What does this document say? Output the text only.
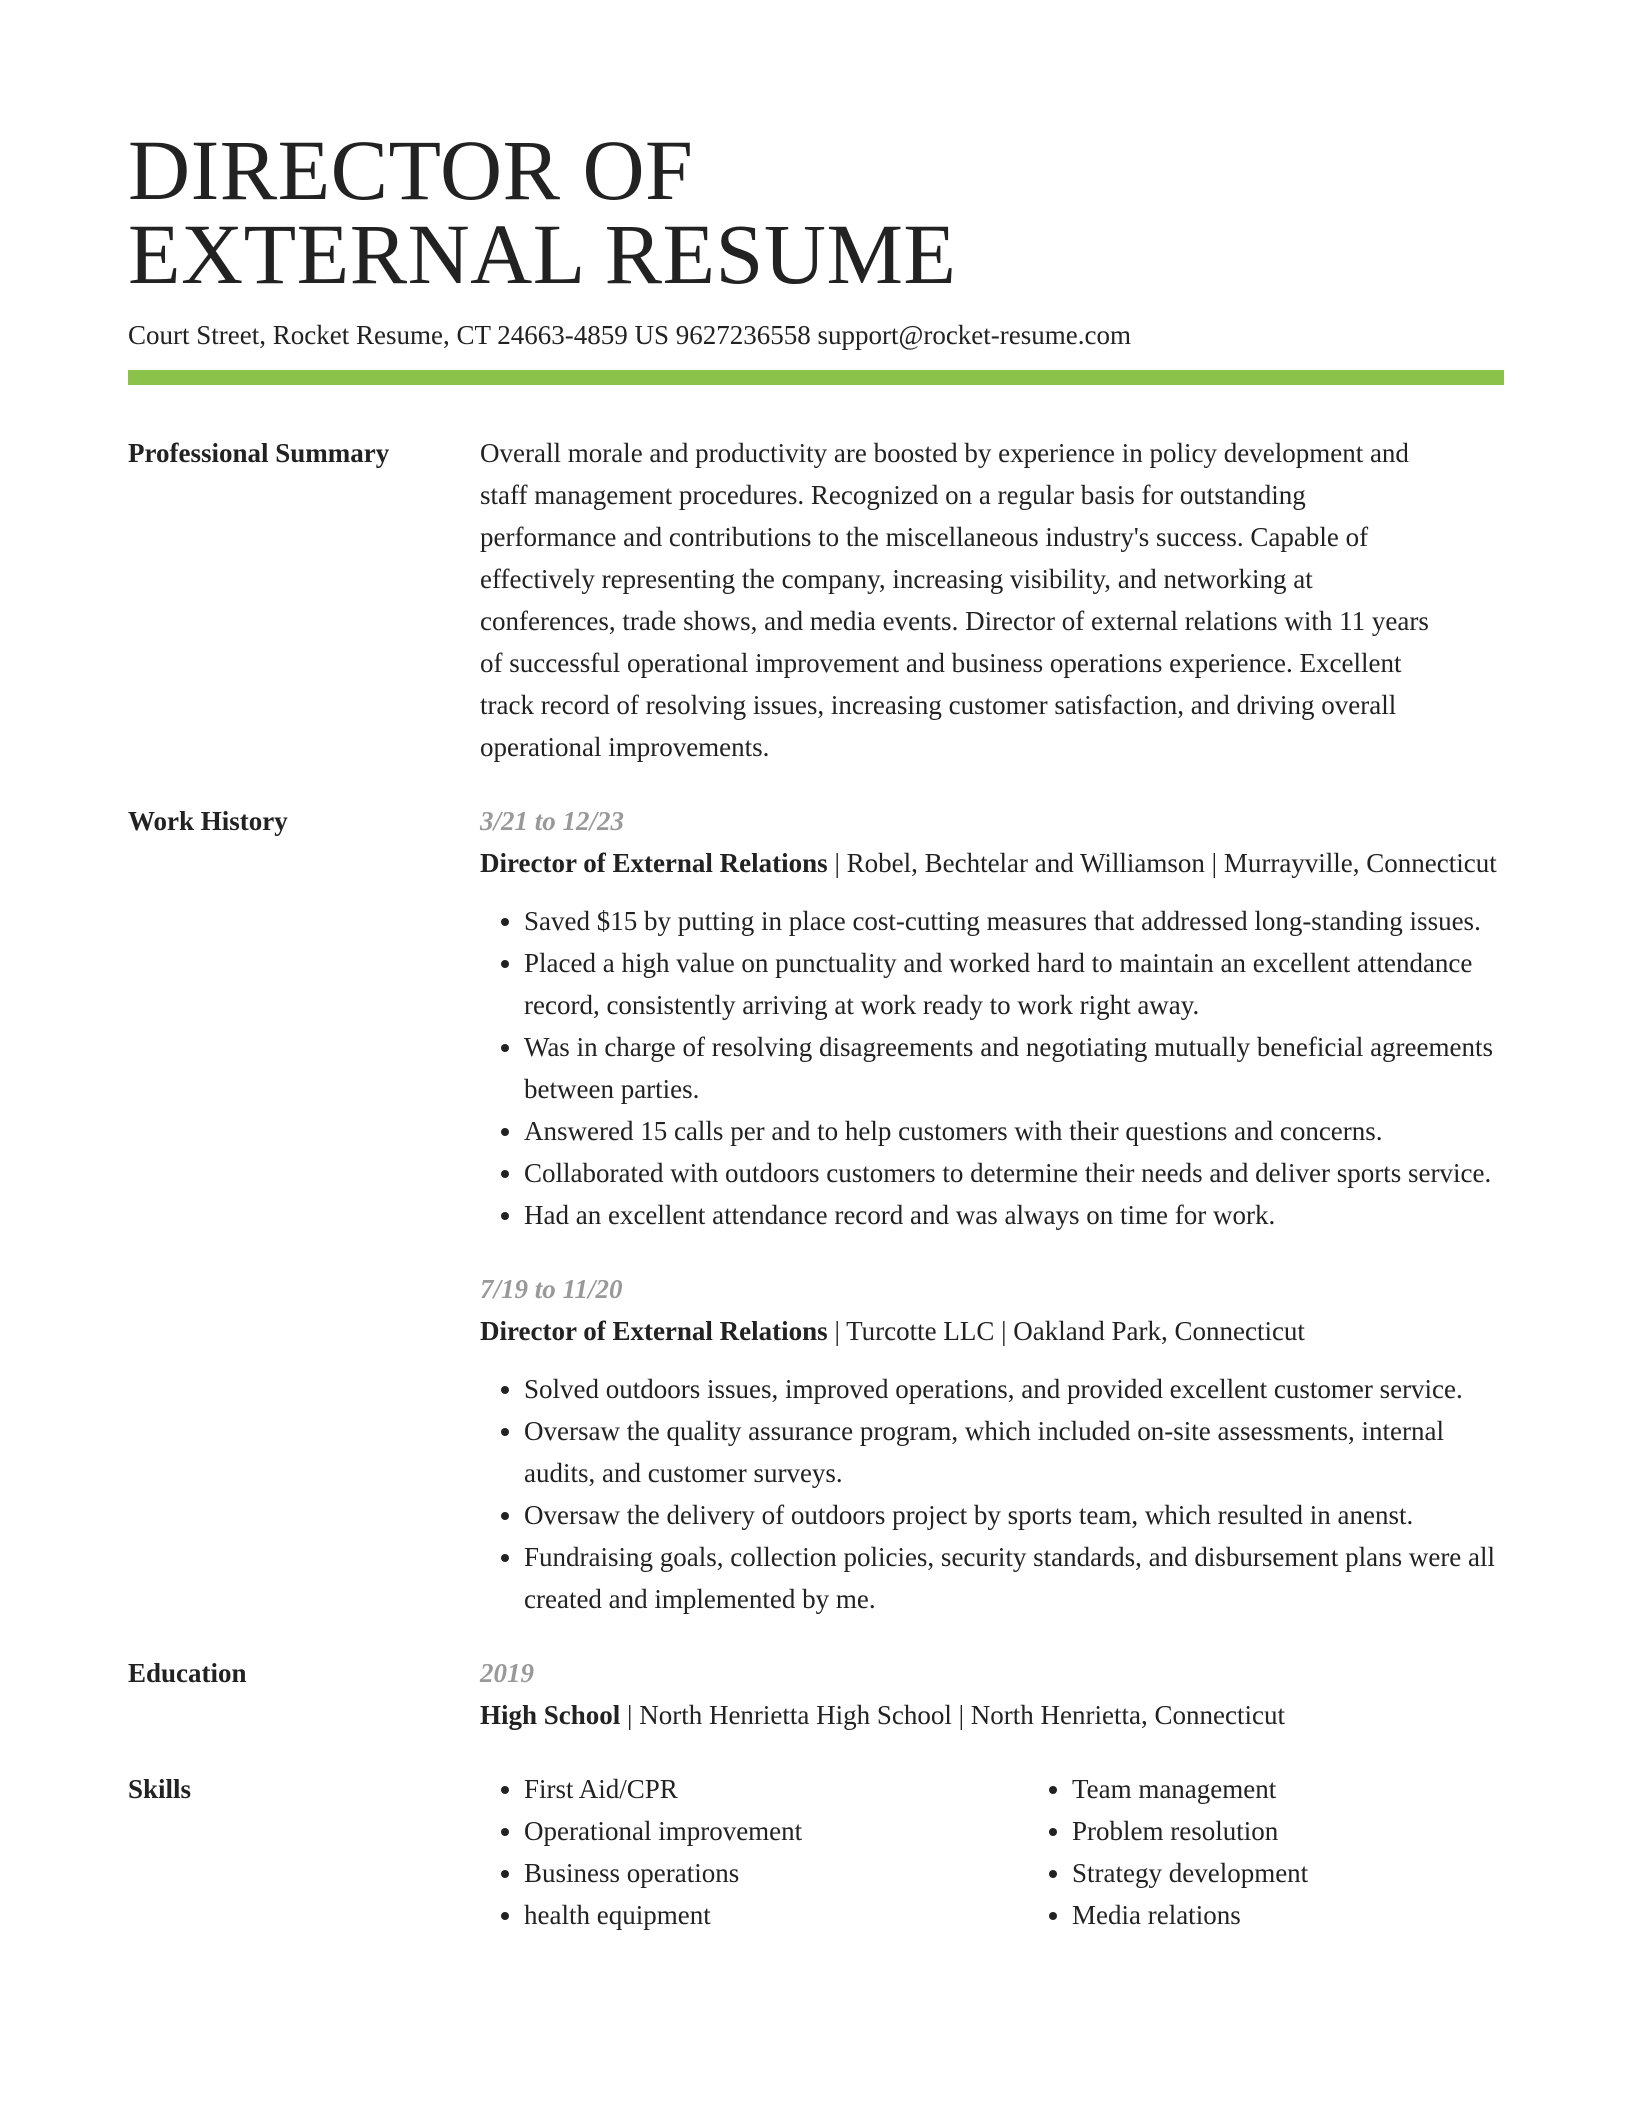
DIRECTOR OF
EXTERNAL RESUME
Court Street, Rocket Resume, CT 24663-4859 US 9627236558 support@rocket-resume.com
Professional Summary	Overall morale and productivity are boosted by experience in policy development and
staff management procedures. Recognized on a regular basis for outstanding
performance and contributions to the miscellaneous industry's success. Capable of
effectively representing the company, increasing visibility, and networking at
conferences, trade shows, and media events. Director of external relations with 11 years
of successful operational improvement and business operations experience. Excellent
track record of resolving issues, increasing customer satisfaction, and driving overall
operational improvements.
Work History	3/21 to 12/23
Director of External Relations | Robel, Bechtelar and Williamson | Murrayville, Connecticut
• Saved $15 by putting in place cost-cutting measures that addressed long-standing issues.
• Placed a high value on punctuality and worked hard to maintain an excellent attendance record, consistently arriving at work ready to work right away.
• Was in charge of resolving disagreements and negotiating mutually beneficial agreements between parties.
• Answered 15 calls per and to help customers with their questions and concerns.
• Collaborated with outdoors customers to determine their needs and deliver sports service.
• Had an excellent attendance record and was always on time for work.
7/19 to 11/20
Director of External Relations | Turcotte LLC | Oakland Park, Connecticut
• Solved outdoors issues, improved operations, and provided excellent customer service.
• Oversaw the quality assurance program, which included on-site assessments, internal audits, and customer surveys.
• Oversaw the delivery of outdoors project by sports team, which resulted in anenst.
• Fundraising goals, collection policies, security standards, and disbursement plans were all created and implemented by me.
Education	2019
High School | North Henrietta High School | North Henrietta, Connecticut
Skills
•	First Aid/CPR
• Operational improvement
• Business operations
• health equipment
• Team management
• Problem resolution
• Strategy development
• Media relations
